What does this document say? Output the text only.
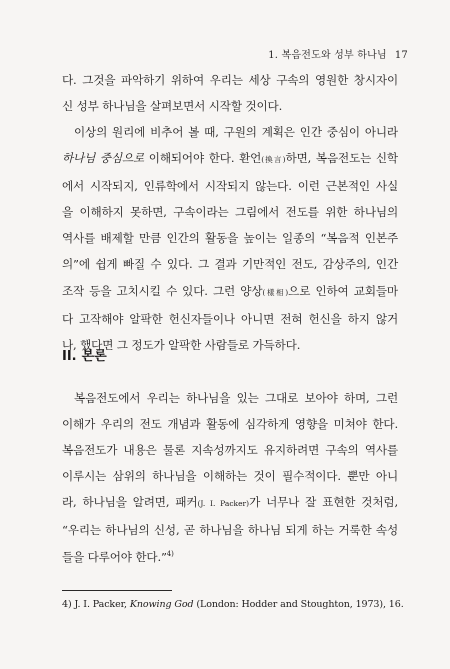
1. 복음전도와 성부 하나님 17

다. 그것을 파악하기 위하여 우리는 세상 구속의 영원한 창시자이
신 성부 하나님을 살펴보면서 시작할 것이다.

이상의 원리에 비추어 볼 때, 구원의 계획은 인간 중심이 아니라
하나님 중심으로 이해되어야 한다. 환언(換言)하면, 복음전도는 신학
에서 시작되지, 인류학에서 시작되지 않는다. 이런 근본적인 사실
을 이해하지 못하면, 구속이라는 그림에서 전도를 위한 하나님의
역사를 배제할 만큼 인간의 활동을 높이는 일종의 “복음적 인본주
의”에 쉽게 빠질 수 있다. 그 결과 기만적인 전도, 감상주의, 인간
조작 등을 고치시킬 수 있다. 그런 양상(樣相)으로 인하여 교회들마
다 고작해야 알팍한 헌신자들이나 아니면 전혀 헌신을 하지 않거
나, 했다면 그 정도가 알팍한 사람들로 가득하다.

II. 본론

복음전도에서 우리는 하나님을 있는 그대로 보아야 하며, 그런
이해가 우리의 전도 개념과 활동에 심각하게 영향을 미쳐야 한다.
복음전도가 내용은 물론 지속성까지도 유지하려면 구속의 역사를
이루시는 삼위의 하나님을 이해하는 것이 필수적이다. 뿐만 아니
라, 하나님을 알려면, 패커(J. I. Packer)가 너무나 잘 표현한 것처럼,
“우리는 하나님의 신성, 곧 하나님을 하나님 되게 하는 거룩한 속성
들을 다루어야 한다.”$^{4)}$

4) J. I. Packer, Knowing God (London: Hodder and Stoughton, 1973), 16.
